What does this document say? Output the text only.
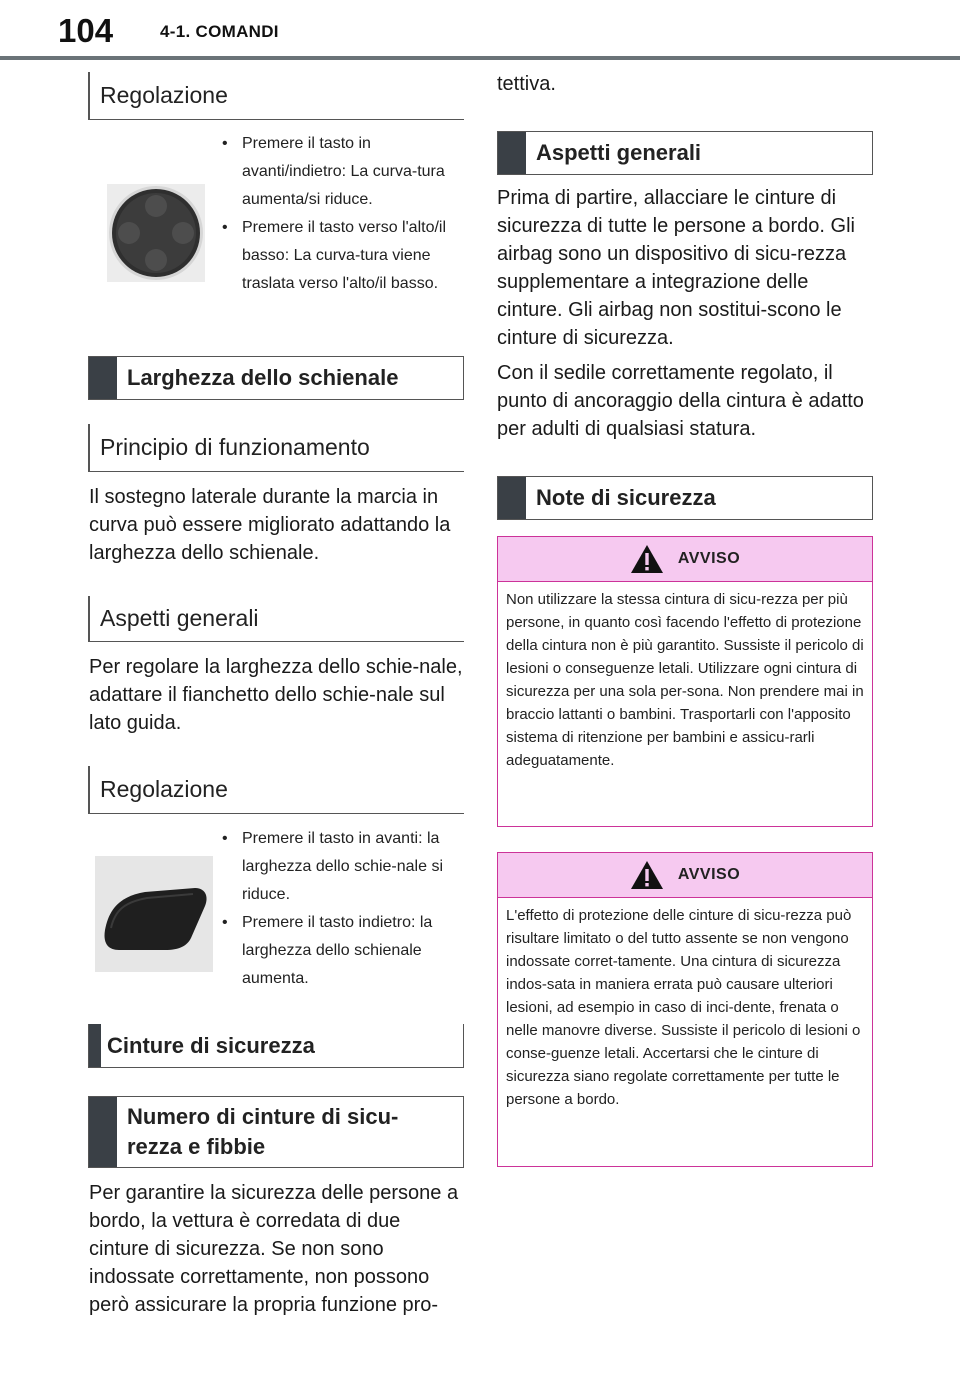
104	4-1. COMANDI
Regolazione
• Premere il tasto in avanti/indietro: La curva-tura aumenta/si riduce.
• Premere il tasto verso l'alto/il basso: La curva-tura viene traslata verso l'alto/il basso.
Larghezza dello schienale
Principio di funzionamento
Il sostegno laterale durante la marcia in curva può essere migliorato adattando la larghezza dello schienale.
Aspetti generali
Per regolare la larghezza dello schie-nale, adattare il fianchetto dello schie-nale sul lato guida.
Regolazione
• Premere il tasto in avanti: la larghezza dello schie-nale si riduce.
• Premere il tasto indietro: la larghezza dello schienale aumenta.
Cinture di sicurezza
Numero di cinture di sicu-
rezza e fibbie
Per garantire la sicurezza delle persone a bordo, la vettura è corredata di due cinture di sicurezza. Se non sono indossate correttamente, non possono però assicurare la propria funzione pro-
tettiva.
Aspetti generali
Prima di partire, allacciare le cinture di sicurezza di tutte le persone a bordo. Gli airbag sono un dispositivo di sicu-rezza supplementare a integrazione delle cinture. Gli airbag non sostitui-scono le cinture di sicurezza.
Con il sedile correttamente regolato, il punto di ancoraggio della cintura è adatto per adulti di qualsiasi statura.
Note di sicurezza
AVVISO
Non utilizzare la stessa cintura di sicu-rezza per più persone, in quanto così facendo l'effetto di protezione della cintura non è più garantito. Sussiste il pericolo di lesioni o conseguenze letali. Utilizzare ogni cintura di sicurezza per una sola per-sona. Non prendere mai in braccio lattanti o bambini. Trasportarli con l'apposito sistema di ritenzione per bambini e assicu-rarli adeguatamente.
AVVISO
L'effetto di protezione delle cinture di sicu-rezza può risultare limitato o del tutto assente se non vengono indossate corret-tamente. Una cintura di sicurezza indos-sata in maniera errata può causare ulteriori lesioni, ad esempio in caso di inci-dente, frenata o nelle manovre diverse. Sussiste il pericolo di lesioni o conse-guenze letali. Accertarsi che le cinture di sicurezza siano regolate correttamente per tutte le persone a bordo.
